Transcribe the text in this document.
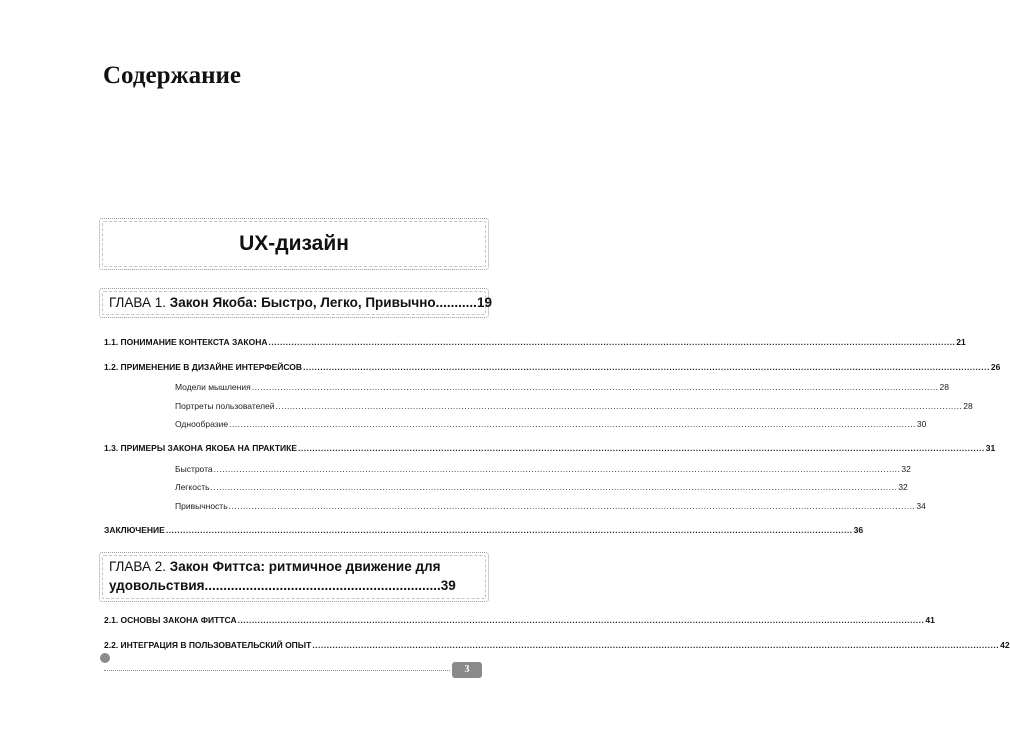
Содержание
UX-дизайн
ГЛАВА 1. Закон Якоба: Быстро, Легко, Привычно...........19
1.1. ПОНИМАНИЕ КОНТЕКСТА ЗАКОНА .....	21
1.2. ПРИМЕНЕНИЕ В ДИЗАЙНЕ ИНТЕРФЕЙСОВ .....	26
Модели мышления .....	28
Портреты пользователей .....	28
Однообразие .....	30
1.3. ПРИМЕРЫ ЗАКОНА ЯКОБА НА ПРАКТИКЕ .....	31
Быстрота .....	32
Легкость .....	32
Привычность .....	34
ЗАКЛЮЧЕНИЕ .....	36
ГЛАВА 2. Закон Фиттса: ритмичное движение для
удовольствия...............................................................39
2.1. ОСНОВЫ ЗАКОНА ФИТТСА .....	41
2.2. ИНТЕГРАЦИЯ В ПОЛЬЗОВАТЕЛЬСКИЙ ОПЫТ .....	42
3
